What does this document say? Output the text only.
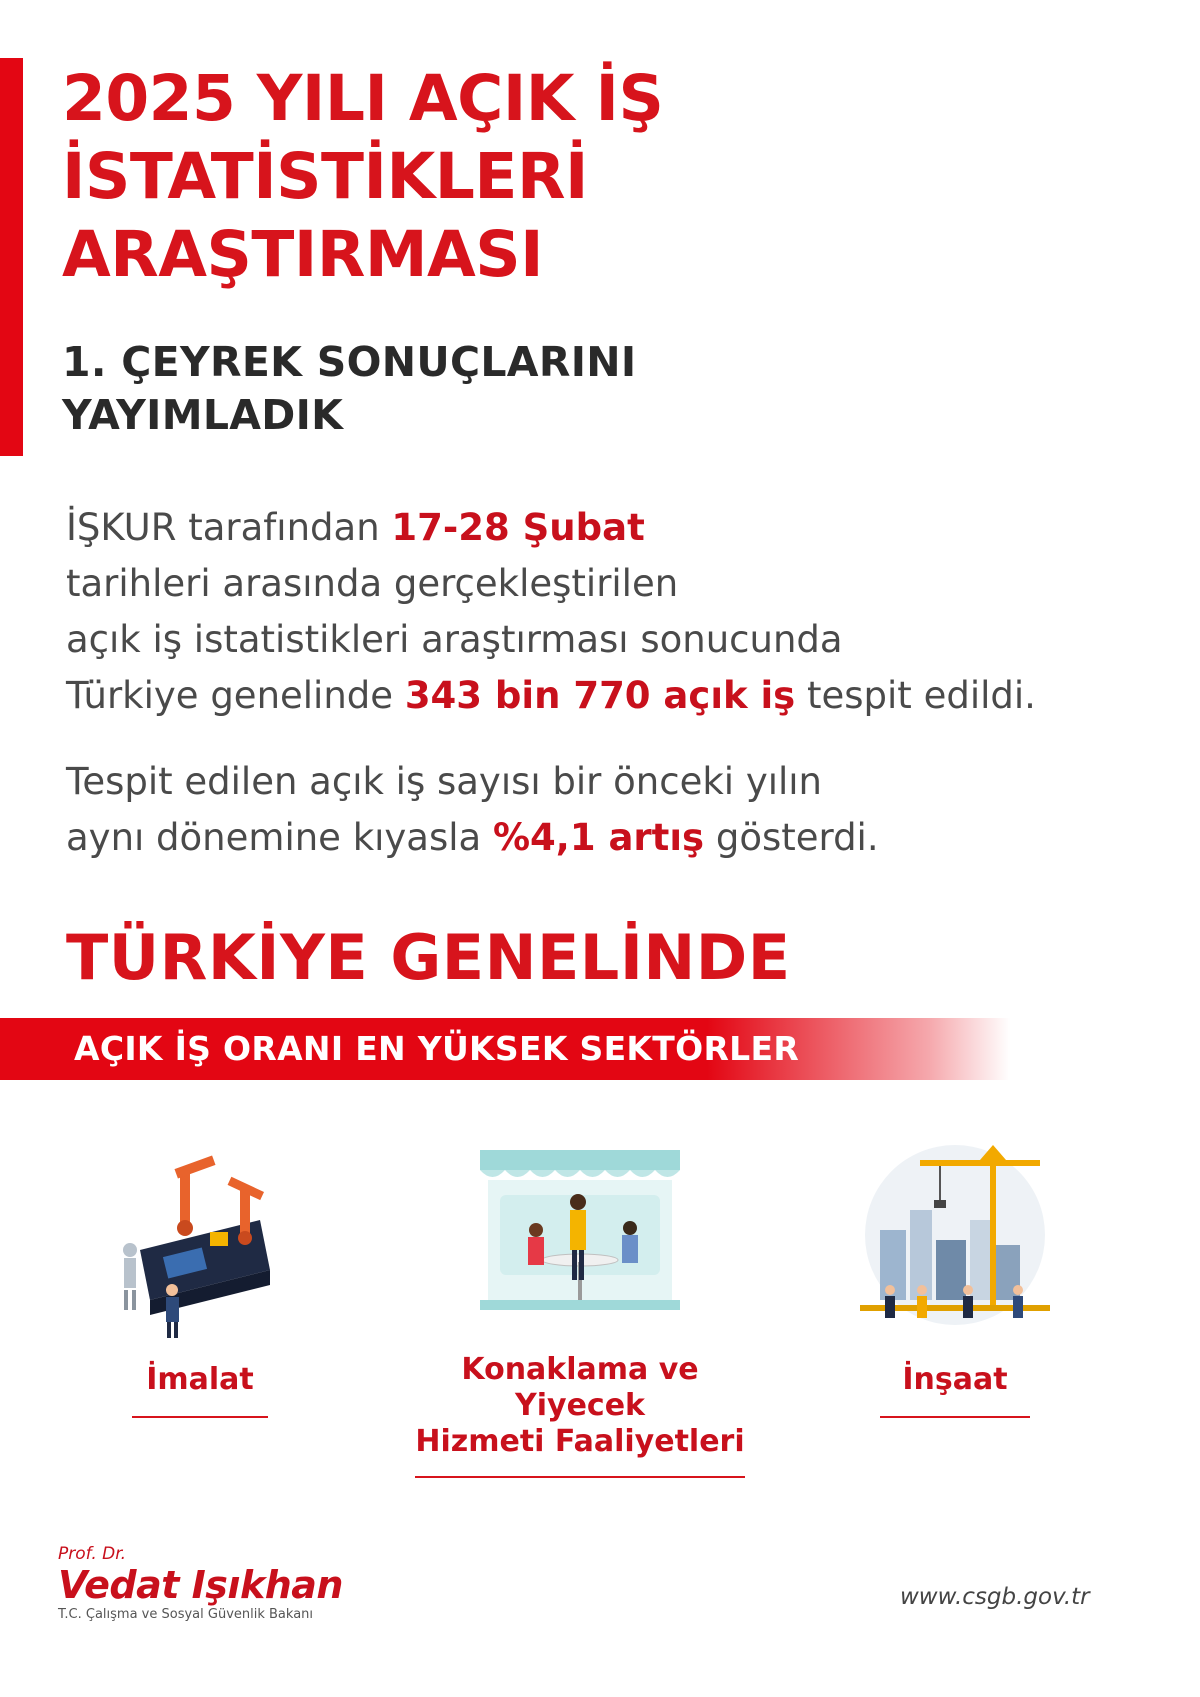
2025 YILI AÇIK İŞ
İSTATİSTİKLERİ
ARAŞTIRMASI
1. ÇEYREK SONUÇLARINI
YAYIMLADIK
İŞKUR tarafından 17-28 Şubat
tarihleri arasında gerçekleştirilen
açık iş istatistikleri araştırması sonucunda
Türkiye genelinde 343 bin 770 açık iş tespit edildi.
Tespit edilen açık iş sayısı bir önceki yılın
aynı dönemine kıyasla %4,1 artış gösterdi.
TÜRKİYE GENELİNDE
AÇIK İŞ ORANI EN YÜKSEK SEKTÖRLER
İmalat	Konaklama ve Yiyecek
Hizmeti Faaliyetleri
İnşaat
Prof. Dr.
Vedat Işıkhan
T.C. Çalışma ve Sosyal Güvenlik Bakanı
www.csgb.gov.tr
